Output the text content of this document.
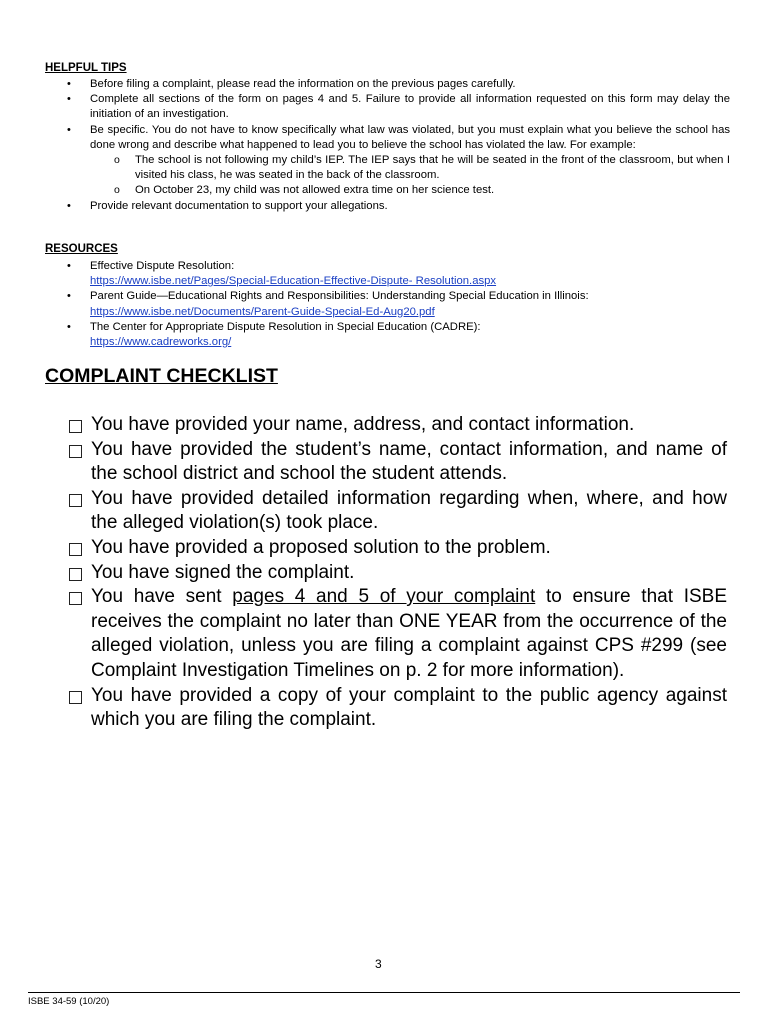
HELPFUL TIPS
• Before filing a complaint, please read the information on the previous pages carefully.
• Complete all sections of the form on pages 4 and 5. Failure to provide all information requested on this form may delay the initiation of an investigation.
• Be specific. You do not have to know specifically what law was violated, but you must explain what you believe the school has done wrong and describe what happened to lead you to believe the school has violated the law. For example:
o The school is not following my child’s IEP. The IEP says that he will be seated in the front of the classroom, but when I visited his class, he was seated in the back of the classroom.
o On October 23, my child was not allowed extra time on her science test.
• Provide relevant documentation to support your allegations.
RESOURCES
• Effective Dispute Resolution:
https://www.isbe.net/Pages/Special-Education-Effective-Dispute- Resolution.aspx
• Parent Guide—Educational Rights and Responsibilities: Understanding Special Education in Illinois:
https://www.isbe.net/Documents/Parent-Guide-Special-Ed-Aug20.pdf
• The Center for Appropriate Dispute Resolution in Special Education (CADRE):
https://www.cadreworks.org/
COMPLAINT CHECKLIST
You have provided your name, address, and contact information.
You have provided the student’s name, contact information, and name of the school district and school the student attends.
You have provided detailed information regarding when, where, and how the alleged violation(s) took place.
You have provided a proposed solution to the problem.
You have signed the complaint.
You have sent pages 4 and 5 of your complaint to ensure that ISBE receives the complaint no later than ONE YEAR from the occurrence of the alleged violation, unless you are filing a complaint against CPS #299 (see Complaint Investigation Timelines on p. 2 for more information).
You have provided a copy of your complaint to the public agency against which you are filing the complaint.
3
ISBE 34-59 (10/20)
